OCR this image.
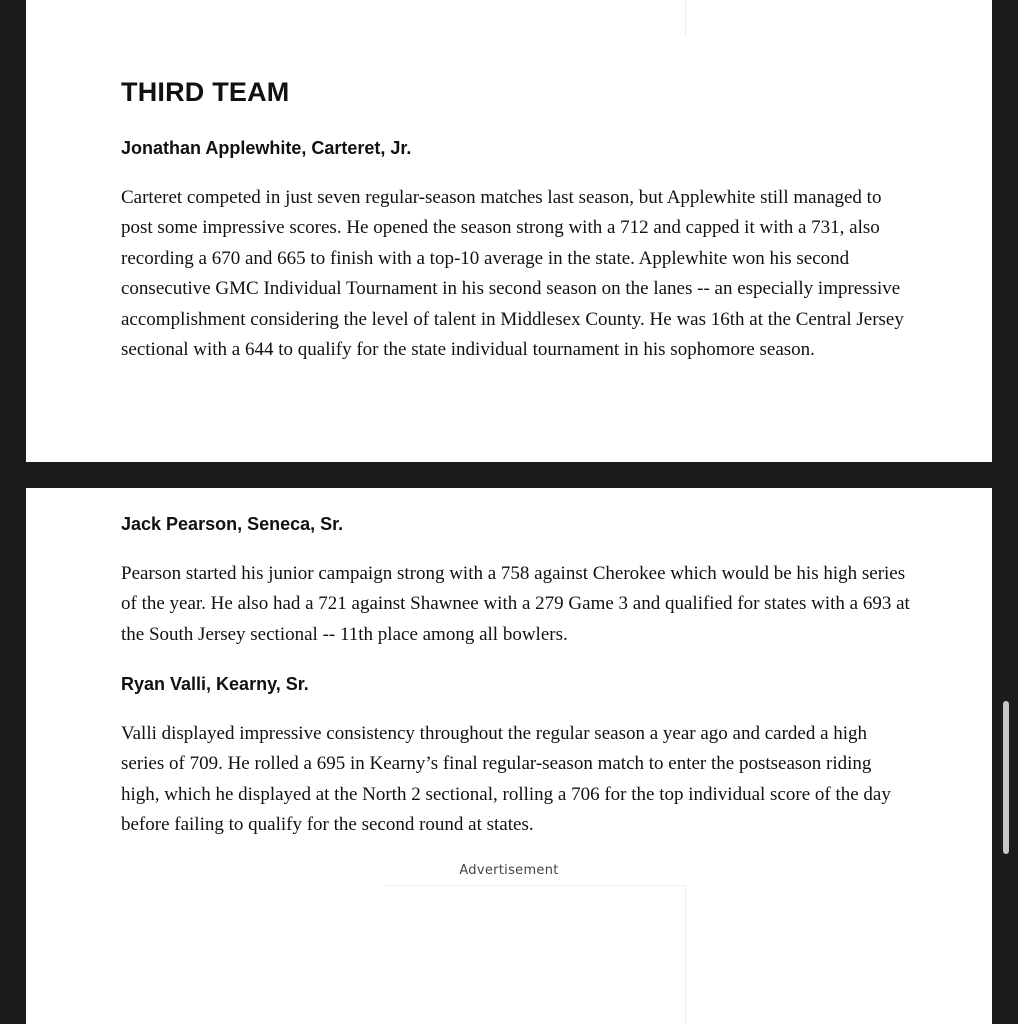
THIRD TEAM
Jonathan Applewhite, Carteret, Jr.

Carteret competed in just seven regular-season matches last season, but Applewhite still managed to post some impressive scores. He opened the season strong with a 712 and capped it with a 731, also recording a 670 and 665 to finish with a top-10 average in the state. Applewhite won his second consecutive GMC Individual Tournament in his second season on the lanes -- an especially impressive accomplishment considering the level of talent in Middlesex County. He was 16th at the Central Jersey sectional with a 644 to qualify for the state individual tournament in his sophomore season.

Jack Pearson, Seneca, Sr.

Pearson started his junior campaign strong with a 758 against Cherokee which would be his high series of the year. He also had a 721 against Shawnee with a 279 Game 3 and qualified for states with a 693 at the South Jersey sectional -- 11th place among all bowlers.

Ryan Valli, Kearny, Sr.

Valli displayed impressive consistency throughout the regular season a year ago and carded a high series of 709. He rolled a 695 in Kearny’s final regular-season match to enter the postseason riding high, which he displayed at the North 2 sectional, rolling a 706 for the top individual score of the day before failing to qualify for the second round at states.

Advertisement
